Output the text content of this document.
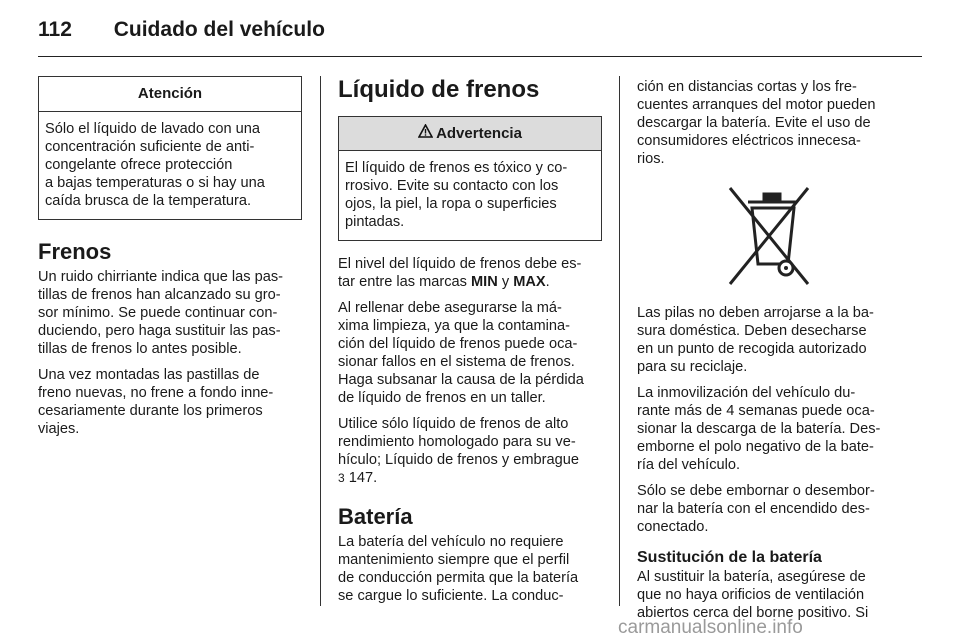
112 Cuidado del vehículo
Atención
Sólo el líquido de lavado con una
concentración suficiente de anti-
congelante ofrece protección
a bajas temperaturas o si hay una
caída brusca de la temperatura.
Frenos

Un ruido chirriante indica que las pas-
tillas de frenos han alcanzado su gro-
sor mínimo. Se puede continuar con-
duciendo, pero haga sustituir las pas-
tillas de frenos lo antes posible.

Una vez montadas las pastillas de
freno nuevas, no frene a fondo inne-
cesariamente durante los primeros
viajes.

Líquido de frenos
Advertencia
El líquido de frenos es tóxico y co-
rrosivo. Evite su contacto con los
ojos, la piel, la ropa o superficies
pintadas.

El nivel del líquido de frenos debe es-
tar entre las marcas MIN y MAX.

Al rellenar debe asegurarse la má-
xima limpieza, ya que la contamina-
ción del líquido de frenos puede oca-
sionar fallos en el sistema de frenos.
Haga subsanar la causa de la pérdida
de líquido de frenos en un taller.

Utilice sólo líquido de frenos de alto
rendimiento homologado para su ve-
hículo; Líquido de frenos y embrague
3 147.

Batería

La batería del vehículo no requiere
mantenimiento siempre que el perfil
de conducción permita que la batería
se cargue lo suficiente. La conduc-

ción en distancias cortas y los fre-
cuentes arranques del motor pueden
descargar la batería. Evite el uso de
consumidores eléctricos innecesa-
rios.

Las pilas no deben arrojarse a la ba-
sura doméstica. Deben desecharse
en un punto de recogida autorizado
para su reciclaje.

La inmovilización del vehículo du-
rante más de 4 semanas puede oca-
sionar la descarga de la batería. Des-
emborne el polo negativo de la bate-
ría del vehículo.

Sólo se debe embornar o desembor-
nar la batería con el encendido des-
conectado.

Sustitución de la batería

Al sustituir la batería, asegúrese de
que no haya orificios de ventilación
abiertos cerca del borne positivo. Si

carmanualsonline.info
